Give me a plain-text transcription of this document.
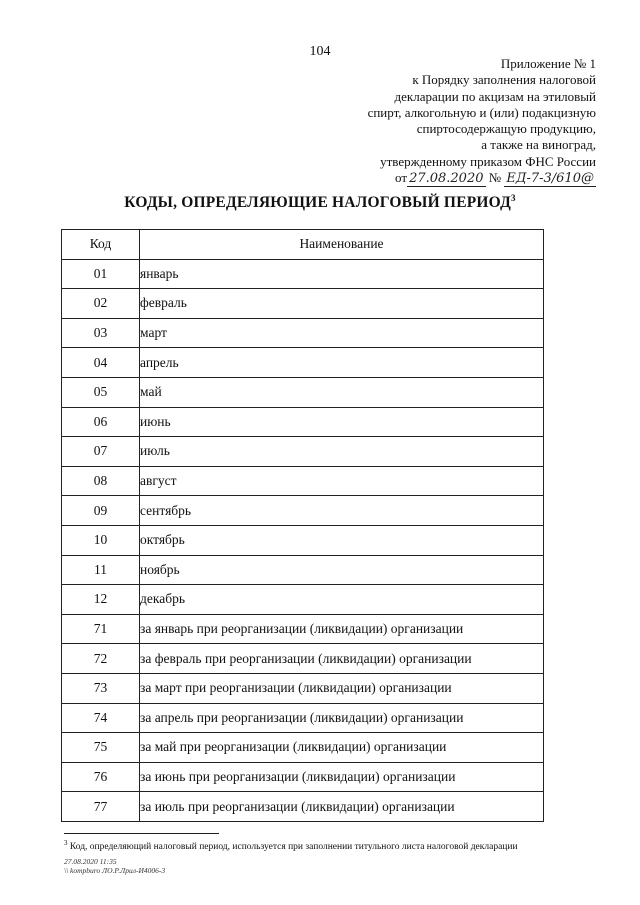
104
Приложение № 1
к Порядку заполнения налоговой
декларации по акцизам на этиловый
спирт, алкогольную и (или) подакцизную
спиртосодержащую продукцию,
а также на виноград,
утвержденному приказом ФНС России
от 27.08.2020 № ЕД-7-3/610@
КОДЫ, ОПРЕДЕЛЯЮЩИЕ НАЛОГОВЫЙ ПЕРИОД$^3$
Код	Наименование
01	январь
02	февраль
03	март
04	апрель
05	май
06	июнь
07	июль
08	август
09	сентябрь
10	октябрь
11	ноябрь
12	декабрь
71	за январь при реорганизации (ликвидации) организации
72	за февраль при реорганизации (ликвидации) организации
73	за март при реорганизации (ликвидации) организации
74	за апрель при реорганизации (ликвидации) организации
75	за май при реорганизации (ликвидации) организации
76	за июнь при реорганизации (ликвидации) организации
77	за июль при реорганизации (ликвидации) организации
$^3$ Код, определяющий налоговый период, используется при заполнении титульного листа налоговой декларации
27.08.2020 11:35
\\ kompburo ЛО.Р.Лрил-И4006-3
